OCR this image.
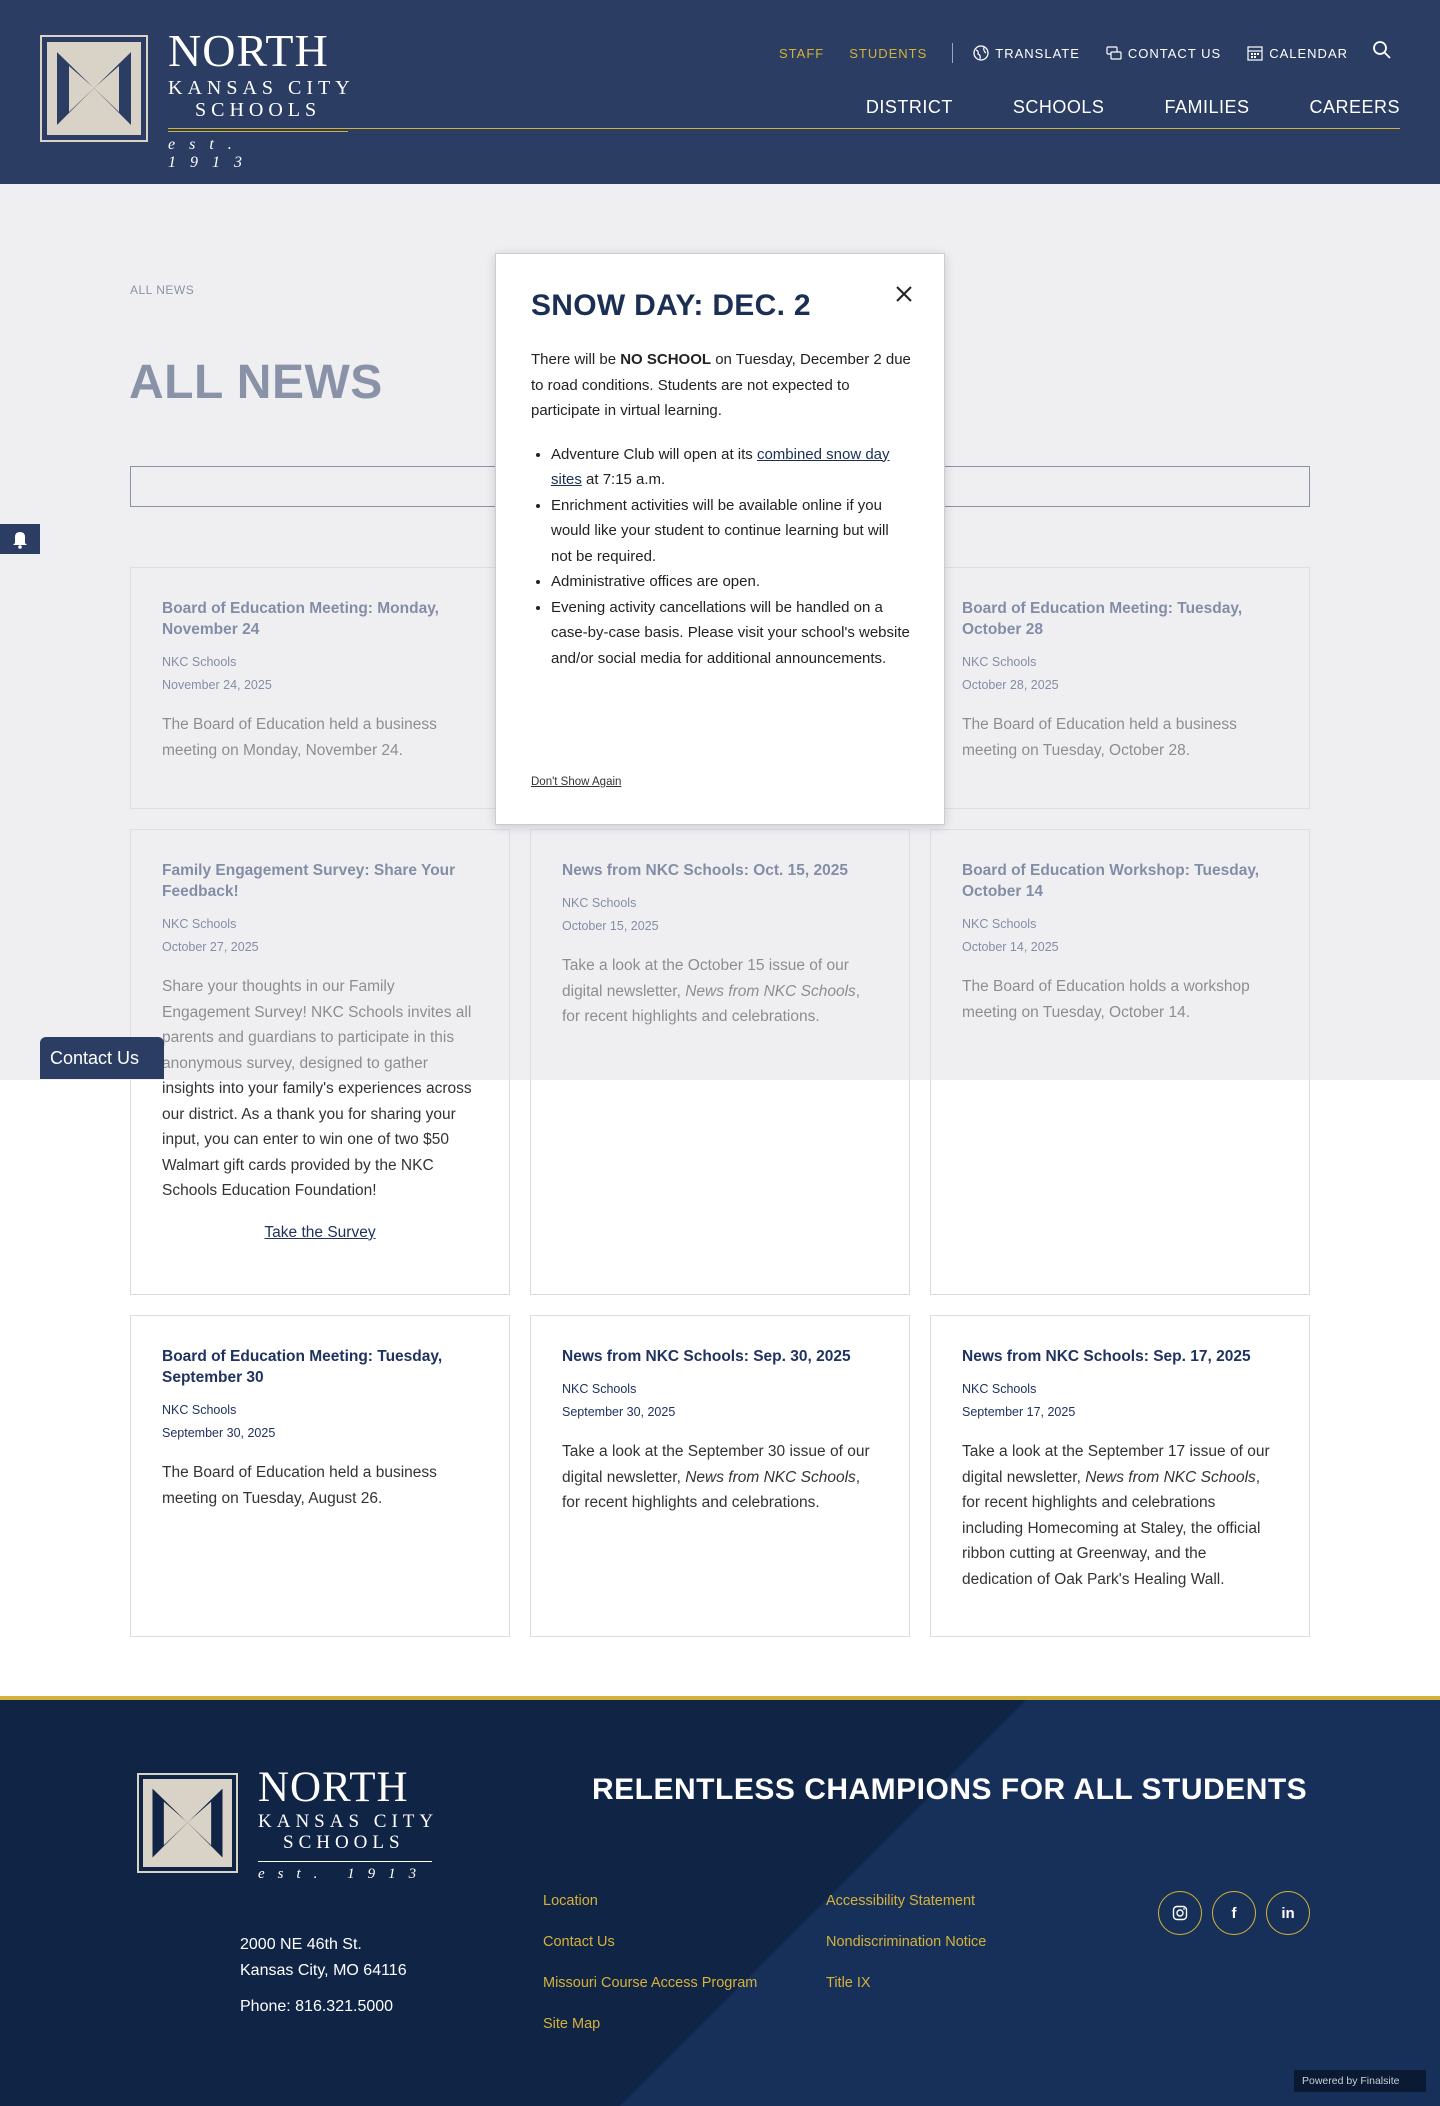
NORTH
KANSAS CITY
SCHOOLS
est. 1913
STAFF STUDENTS	TRANSLATE	CONTACT US	CALENDAR
DISTRICT	SCHOOLS	FAMILIES	CAREERS
insights into your family's experiences across our district. As a thank you for sharing your input, you can enter to win one of two $50 Walmart gift cards provided by the NKC Schools Education Foundation!
Take the Survey
Board of Education Meeting: Tuesday, September 30
NKC Schools
September 30, 2025
The Board of Education held a business meeting on Tuesday, August 26.
News from NKC Schools: Sep. 30, 2025
NKC Schools
September 30, 2025
Take a look at the September 30 issue of our digital newsletter, News from NKC Schools, for recent highlights and celebrations.
News from NKC Schools: Sep. 17, 2025
NKC Schools
September 17, 2025
Take a look at the September 17 issue of our digital newsletter, News from NKC Schools, for recent highlights and celebrations including Homecoming at Staley, the official ribbon cutting at Greenway, and the dedication of Oak Park's Healing Wall.
Contact Us
SNOW DAY: DEC. 2

There will be NO SCHOOL on Tuesday, December 2 due to road conditions. Students are not expected to participate in virtual learning.

• Adventure Club will open at its combined snow day sites at 7:15 a.m.
• Enrichment activities will be available online if you would like your student to continue learning but will not be required.
• Administrative offices are open.
• Evening activity cancellations will be handled on a case-by-case basis. Please visit your school's website and/or social media for additional announcements.
Don't Show Again
NORTH
KANSAS CITY
SCHOOLS
est. 1913
2000 NE 46th St.
Kansas City, MO 64116
Phone: 816.321.5000
RELENTLESS CHAMPIONS FOR ALL STUDENTS
Location
Contact Us
Missouri Course Access Program
Site Map
Accessibility Statement
Nondiscrimination Notice
Title IX
f	in
Powered by Finalsite
